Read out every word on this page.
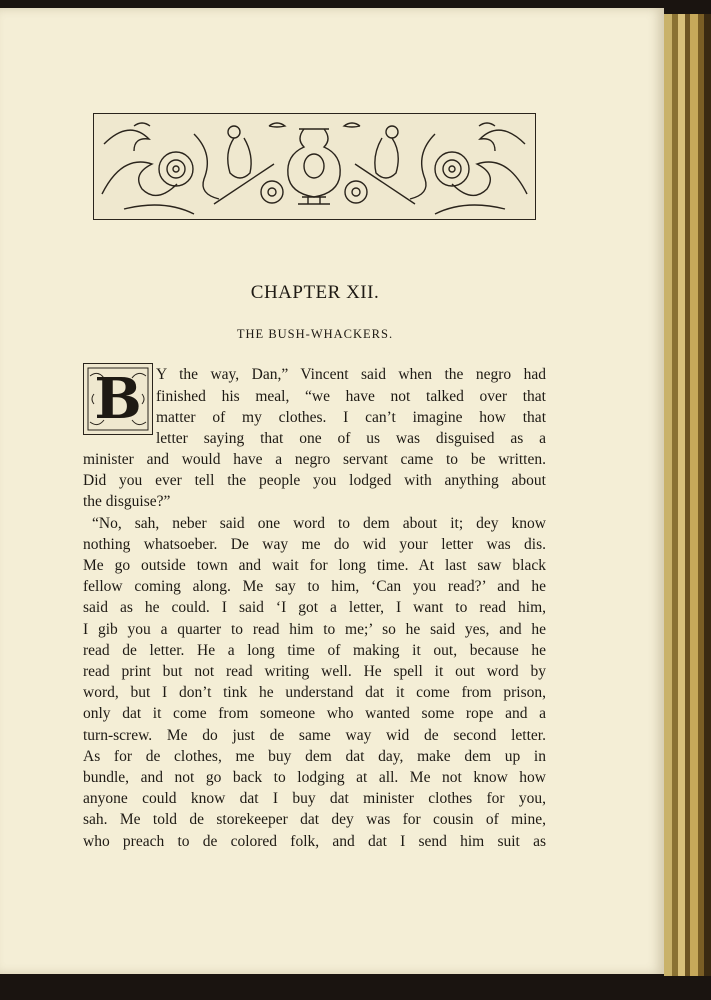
CHAPTER XII.
THE BUSH-WHACKERS.
B Y the way, Dan,” Vincent said when the negro had
finished his meal, “we have not talked over that
matter of my clothes. I can’t imagine how that
letter saying that one of us was disguised as a
minister and would have a negro servant came to be written.
Did you ever tell the people you lodged with anything about
the disguise?”
“No, sah, neber said one word to dem about it; dey know
nothing whatsoeber. De way me do wid your letter was dis.
Me go outside town and wait for long time. At last saw black
fellow coming along. Me say to him, ‘Can you read?’ and he
said as he could. I said ‘I got a letter, I want to read him,
I gib you a quarter to read him to me;’ so he said yes, and he
read de letter. He a long time of making it out, because he
read print but not read writing well. He spell it out word by
word, but I don’t tink he understand dat it come from prison,
only dat it come from someone who wanted some rope and a
turn-screw. Me do just de same way wid de second letter.
As for de clothes, me buy dem dat day, make dem up in
bundle, and not go back to lodging at all. Me not know how
anyone could know dat I buy dat minister clothes for you,
sah. Me told de storekeeper dat dey was for cousin of mine,
who preach to de colored folk, and dat I send him suit as
